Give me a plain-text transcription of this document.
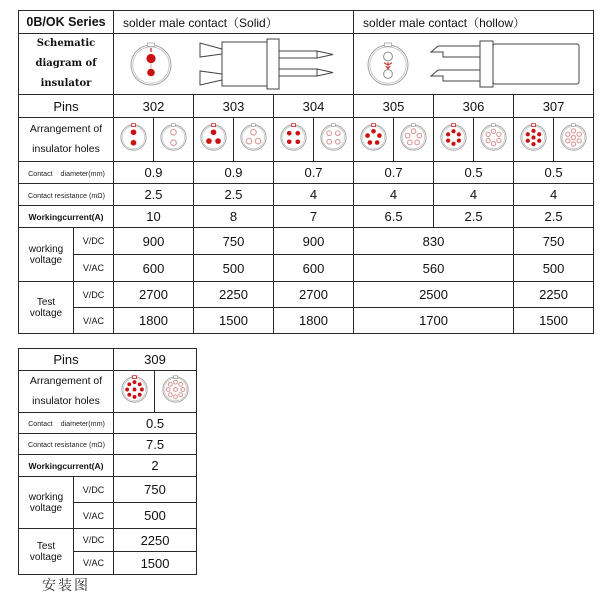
0B/OK Series		solder male contact（Solid）						solder male contact（hollow）					

Schematic
diagram of
insulator

Pins		302		303		304		305		306		307	

Arrangement of
insulator holes

Contact    diameter(mm)		0.9		0.9		0.7		0.7		0.5		0.5	
Contact resistance (mΩ)		2.5		2.5		4		4		4		4	
Workingcurrent(A)		10		8		7		6.5		2.5		2.5	

working
voltage	V/DC	900		750		900		830				750	
	V/AC	600		500		600		560				500	

Test
voltage	V/DC	2700		2250		2700		2500				2250	
	V/AC	1800		1500		1800		1700				1500	
Pins		309	

Arrangement of
insulator holes

Contact    diameter(mm)		0.5	
Contact resistance (mΩ)		7.5	
Workingcurrent(A)		2	

working
voltage	V/DC	750	
	V/AC	500	

Test
voltage	V/DC	2250	
	V/AC	1500	
安装图
